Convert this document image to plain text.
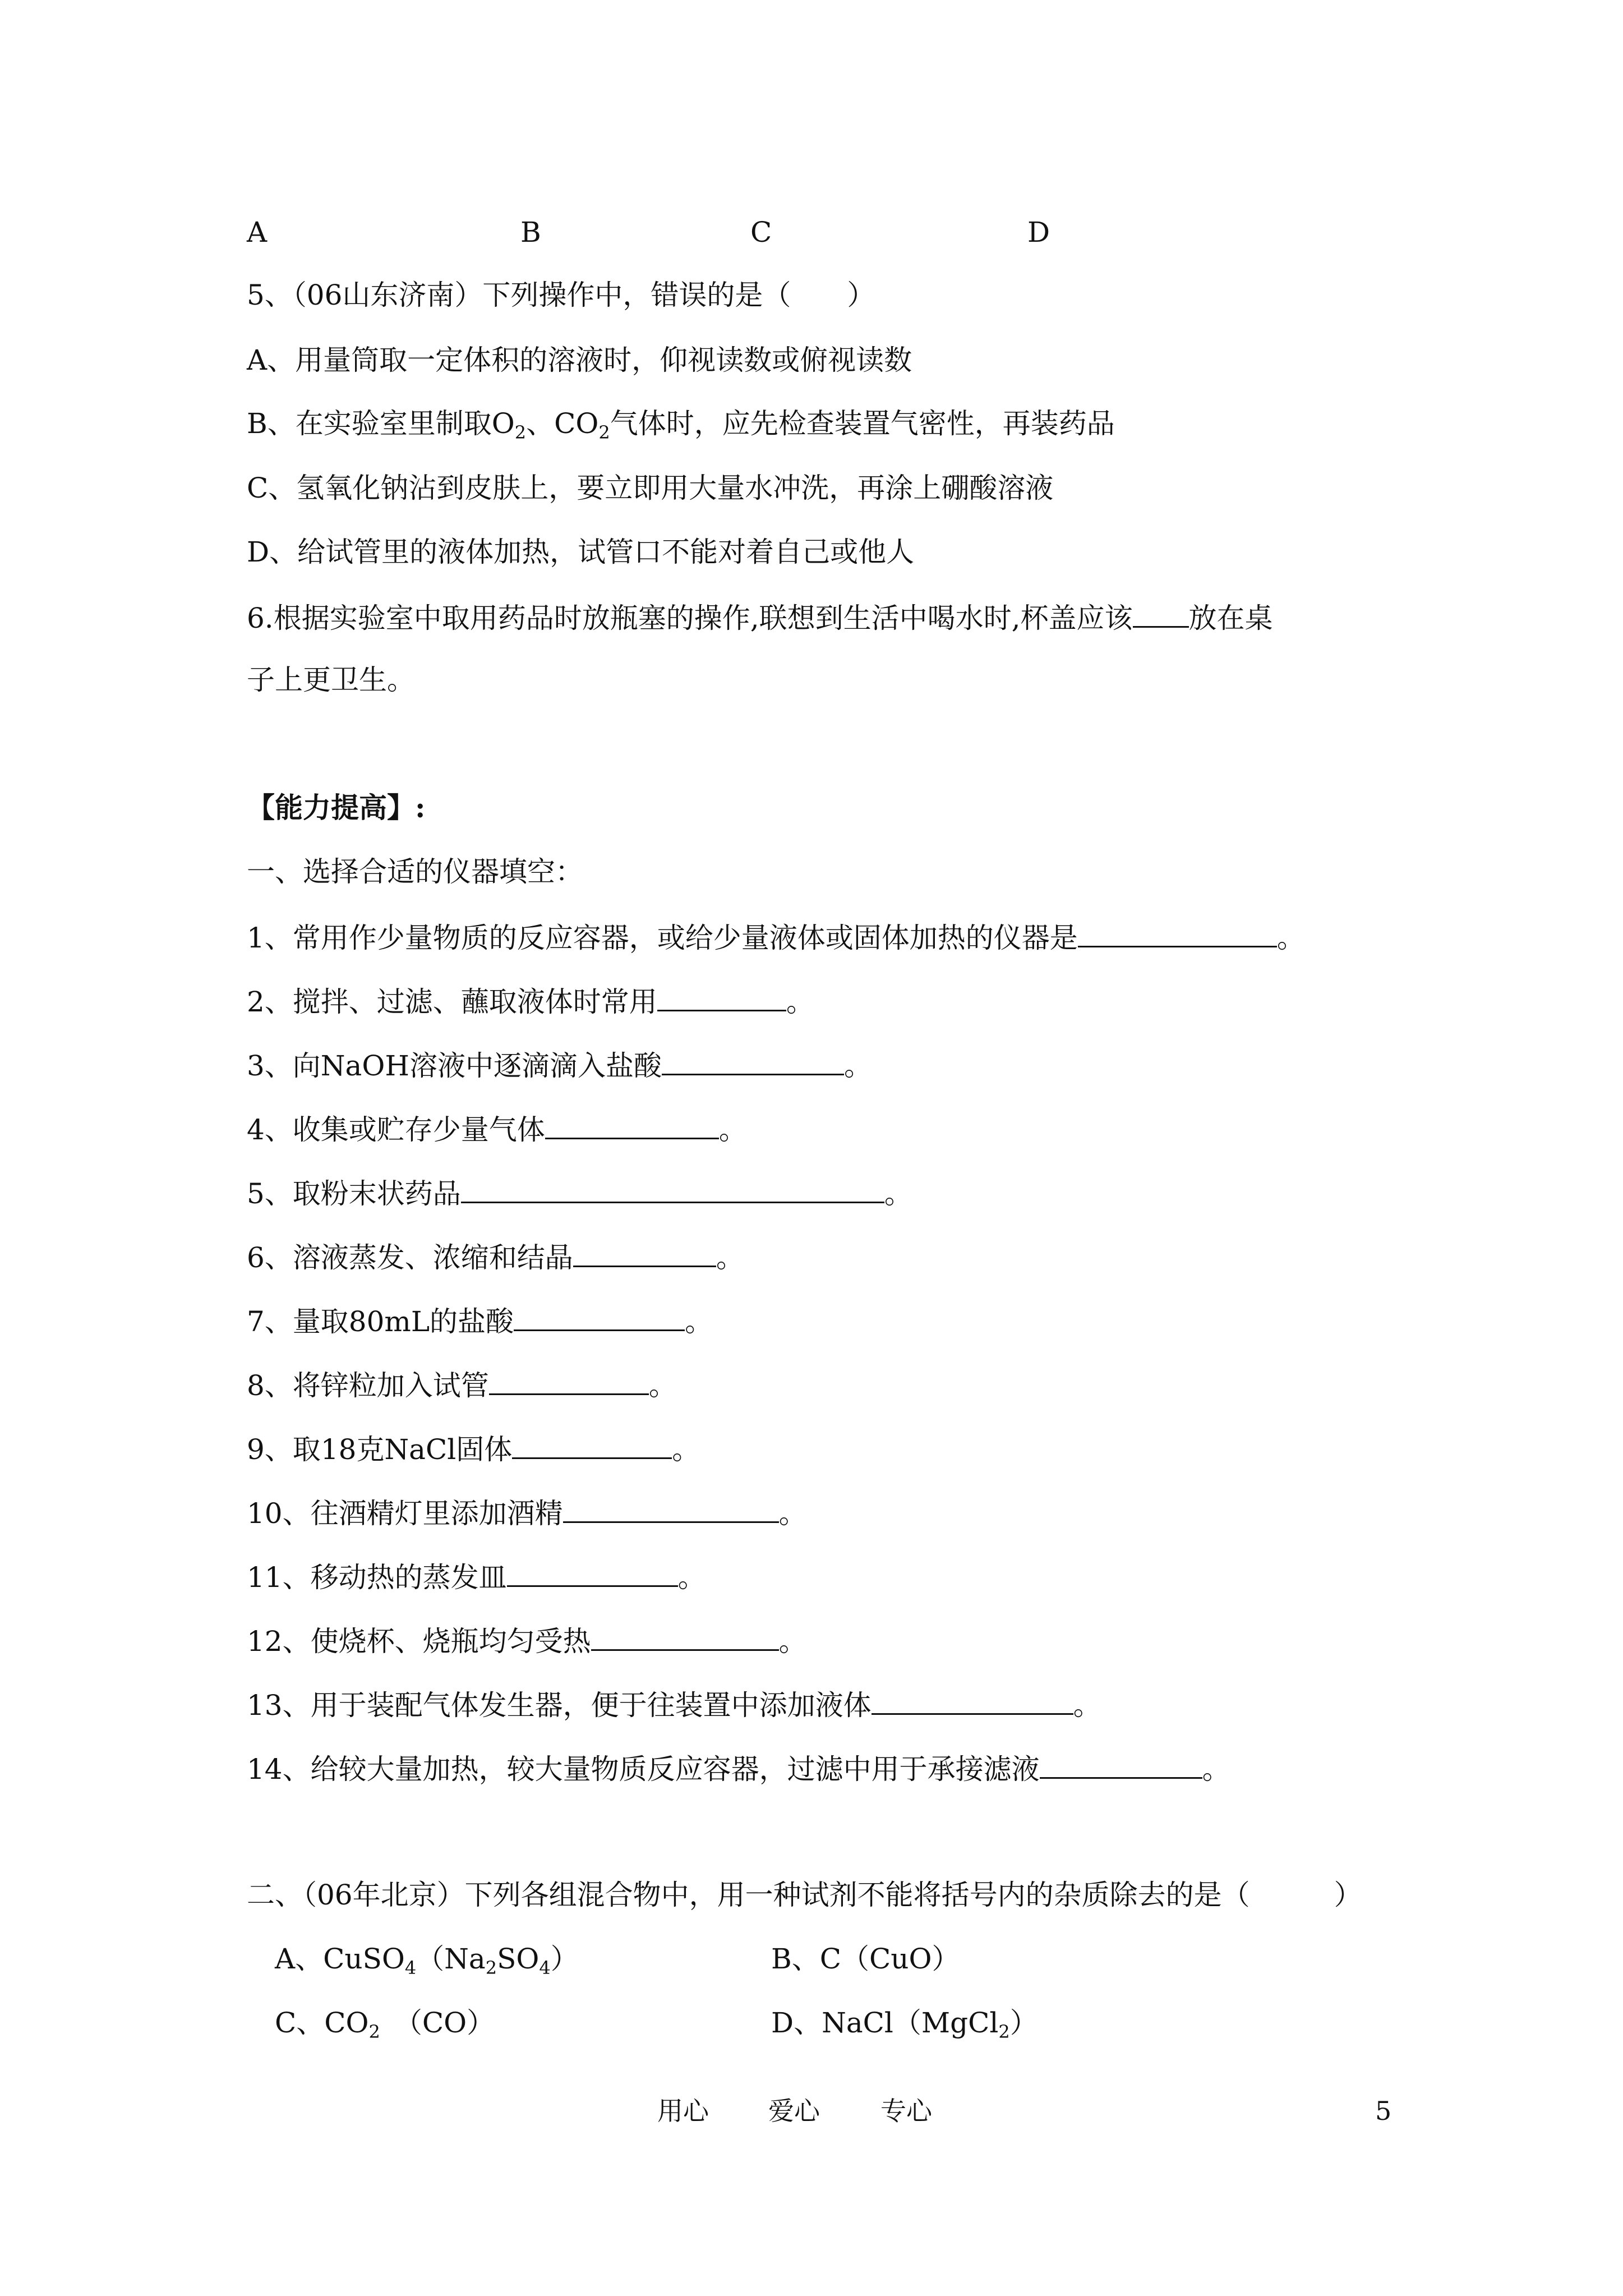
A	B	C	D
5、（06山东济南）下列操作中，错误的是（　　）
A、用量筒取一定体积的溶液时，仰视读数或俯视读数
B、在实验室里制取$O_2$、$CO_2$气体时，应先检查装置气密性，再装药品
C、氢氧化钠沾到皮肤上，要立即用大量水冲洗，再涂上硼酸溶液
D、给试管里的液体加热，试管口不能对着自己或他人
6.根据实验室中取用药品时放瓶塞的操作,联想到生活中喝水时,杯盖应该 放在桌
子上更卫生。
【能力提高】:
一、选择合适的仪器填空：
1、常用作少量物质的反应容器，或给少量液体或固体加热的仪器是	。
2、搅拌、过滤、蘸取液体时常用	。
3、向NaOH溶液中逐滴滴入盐酸	。
4、收集或贮存少量气体	。
5、取粉末状药品	。
6、溶液蒸发、浓缩和结晶	。
7、量取80mL的盐酸	。
8、将锌粒加入试管	。
9、取18克NaCl固体	。
10、往酒精灯里添加酒精	。
11、移动热的蒸发皿	。
12、使烧杯、烧瓶均匀受热	。
13、用于装配气体发生器，便于往装置中添加液体	。
14、给较大量加热，较大量物质反应容器，过滤中用于承接滤液	。
二、（06年北京）下列各组混合物中，用一种试剂不能将括号内的杂质除去的是（　　　）
A、$CuSO_4(Na_2SO_4)$	B、C（CuO）
C、$CO_2$　（CO）	D、NaCl（MgCl$_2$）
用心 爱心 专心	5
